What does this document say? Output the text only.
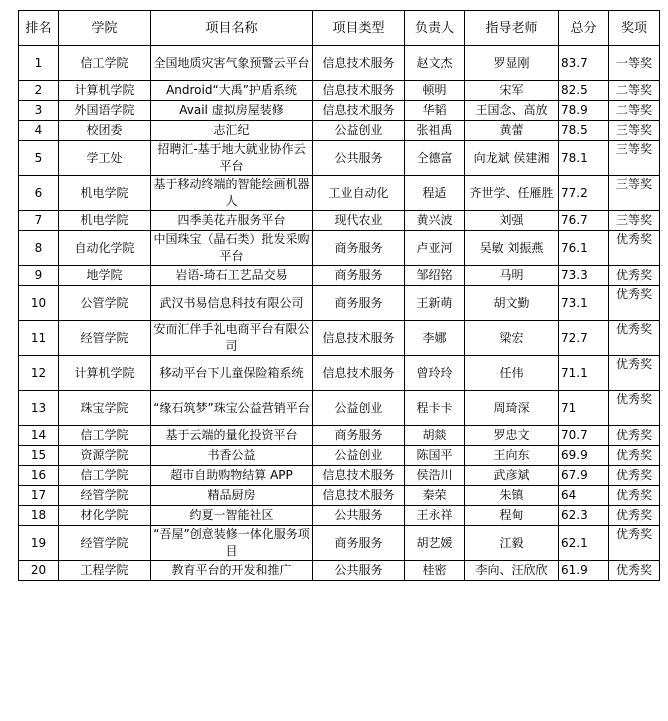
排名	学院	项目名称	项目类型	负责人	指导老师	总分	奖项
1	信工学院	全国地质灾害气象预警云平台	信息技术服务	赵文杰	罗显刚	83.7	一等奖
2	计算机学院	Android“大禹”护盾系统	信息技术服务	顿明	宋军	82.5	二等奖
3	外国语学院	Avail 虚拟房屋装修	信息技术服务	华韬	王国念、高放	78.9	二等奖
4	校团委	志汇纪	公益创业	张祖禹	黄蕾	78.5	三等奖
5	学工处	招聘汇-基于地大就业协作云平台	公共服务	仝德富	向龙斌 侯建湘	78.1	三等奖
6	机电学院	基于移动终端的智能绘画机器人	工业自动化	程适	齐世学、任雁胜	77.2	三等奖
7	机电学院	四季美花卉服务平台	现代农业	黄兴波	刘强	76.7	三等奖
8	自动化学院	中国珠宝（晶石类）批发采购平台	商务服务	卢亚河	吴敏 刘振燕	76.1	优秀奖
9	地学院	岩语-琦石工艺品交易	商务服务	邹绍铭	马明	73.3	优秀奖
10	公管学院	武汉书易信息科技有限公司	商务服务	王新萌	胡文勤	73.1	优秀奖
11	经管学院	安而汇伴手礼电商平台有限公司	信息技术服务	李娜	梁宏	72.7	优秀奖
12	计算机学院	移动平台下儿童保险箱系统	信息技术服务	曾玲玲	任伟	71.1	优秀奖
13	珠宝学院	“缘石筑梦”珠宝公益营销平台	公益创业	程卡卡	周琦深	71	优秀奖
14	信工学院	基于云端的量化投资平台	商务服务	胡燚	罗忠文	70.7	优秀奖
15	资源学院	书香公益	公益创业	陈国平	王向东	69.9	优秀奖
16	信工学院	超市自助购物结算 APP	信息技术服务	侯浩川	武彦斌	67.9	优秀奖
17	经管学院	精品厨房	信息技术服务	秦荣	朱镇	64	优秀奖
18	材化学院	约夏一智能社区	公共服务	王永祥	程甸	62.3	优秀奖
19	经管学院	“吾屋”创意装修一体化服务项目	商务服务	胡艺媛	江毅	62.1	优秀奖
20	工程学院	教育平台的开发和推广	公共服务	桂密	李向、汪欣欣	61.9	优秀奖
